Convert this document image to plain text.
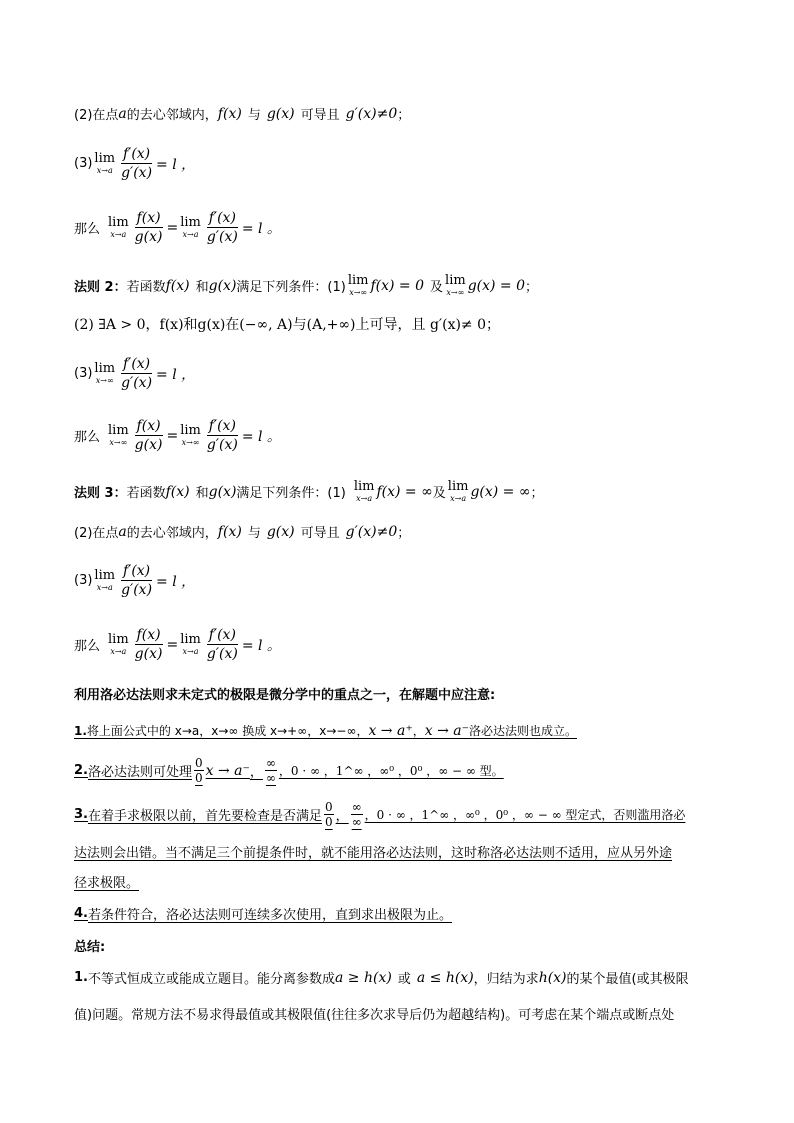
(2)在点 a 的去心邻域内， f(x) 与 g(x) 可导且 g′(x)≠0 ；
(3) lim
$x\to a \frac{f'(x)}{g'(x)} = l$ ，
那么 lim
$x\to a \frac{f(x)}{g(x)} = \lim$
$x\to a \frac{f'(x)}{g'(x)} = l$ 。
法则 2： 若函数 f(x) 和 g(x) 满足下列条件：(1) lim
x→∞ f(x) = 0 及 lim
x→∞ g(x) = 0 ；
(2) ∃A > 0，f(x)和g(x)在(−∞, A)与(A,+∞)上可导，且 g′(x)≠ 0；
(3) lim
$x\to\infty \frac{f'(x)}{g'(x)} = l$ ，
那么 lim
$x\to\infty \frac{f(x)}{g(x)} = \lim$
$x\to\infty \frac{f'(x)}{g'(x)} = l$ 。
法则 3： 若函数 f(x) 和 g(x) 满足下列条件：(1) lim
x→a f(x) = ∞ 及 lim
x→a g(x) = ∞ ；
(2)在点 a 的去心邻域内， f(x) 与 g(x) 可导且 g′(x)≠0 ；
(3) lim
$x\to a \frac{f'(x)}{g'(x)} = l$ ，
那么 lim
$x\to a \frac{f(x)}{g(x)} = \lim$
$x\to a \frac{f'(x)}{g'(x)} = l$ 。
利用洛必达法则求未定式的极限是微分学中的重点之一，在解题中应注意:
1. 将上面公式中的 x→a，x→∞ 换成 x→+∞，x→−∞， x → a⁺ ， x → a⁻ 洛必达法则也成立。
2. 洛必达法则可处理 $\frac{0}{0}$ x → a⁻ ， $\frac{\infty}{\infty}$ ，0 · ∞ ，1^∞ ，∞⁰ ，0⁰ ，∞ − ∞ 型。
3. 在着手求极限以前，首先要检查是否满足 $\frac{0}{0}$ ， $\frac{\infty}{\infty}$ ，0 · ∞ ，1^∞ ，∞⁰ ，0⁰ ，∞ − ∞ 型定式，否则滥用洛必
达法则会出错。当不满足三个前提条件时，就不能用洛必达法则，这时称洛必达法则不适用，应从另外途
径求极限。
4. 若条件符合，洛必达法则可连续多次使用，直到求出极限为止。
总结:
1. 不等式恒成立或能成立题目。能分离参数成 a ≥ h(x) 或 a ≤ h(x) ，归结为求 h(x) 的某个最值(或其极限
值)问题。常规方法不易求得最值或其极限值(往往多次求导后仍为超越结构)。可考虑在某个端点或断点处
